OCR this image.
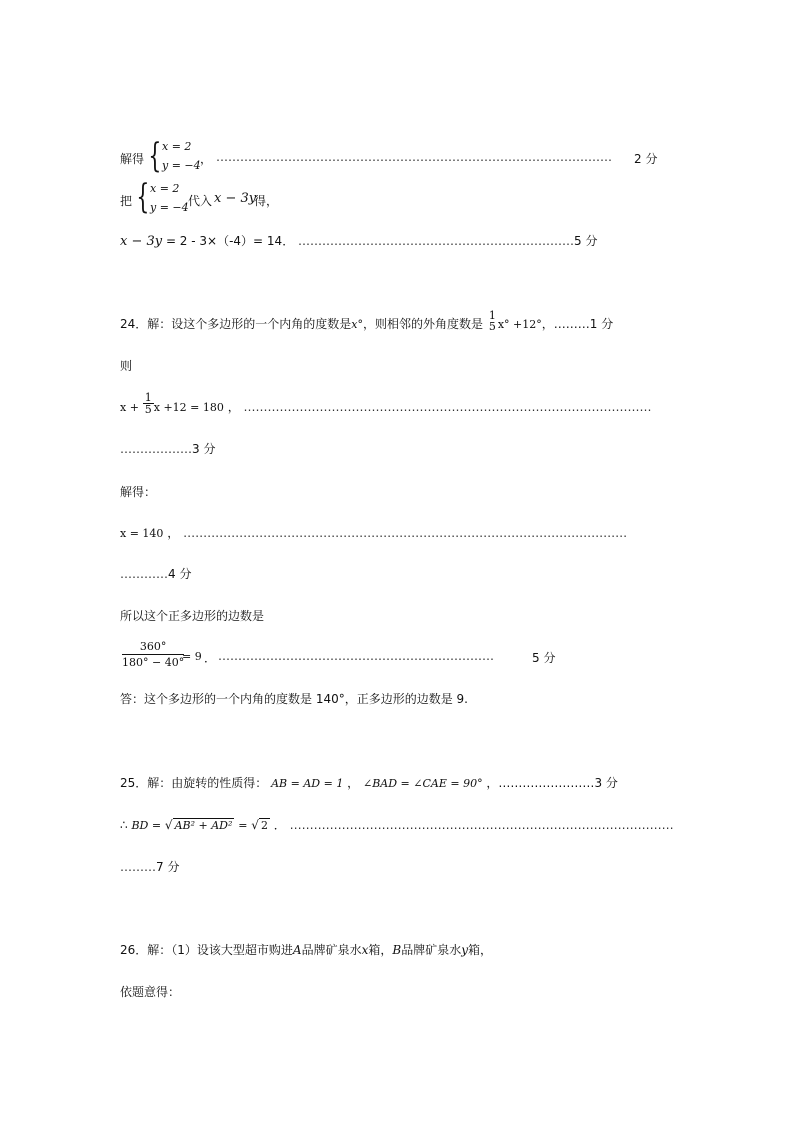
解得 { x = 2
y = −4 ， ……………………………………………………………………………………… 2 分
把 { x = 2
y = −4 代入 x − 3y
得，
x − 3y = 2 - 3×（-4）= 14． ……………………………………………………………5 分
24．解：设这个多边形的一个内角的度数是x°，则相邻的外角度数是
1
5 x° +12°，………1 分
则
$x + \frac{1}{5}$ x +12 = 180 ， …………………………………………………………………………………………
………………3 分
解得：
x = 140 ， …………………………………………………………………………………………………
…………4 分
所以这个正多边形的边数是
$\frac{360^\circ}{180^\circ - 40^\circ}$
= 9 ． ……………………………………………………………	5 分
答：这个多边形的一个内角的度数是 140°，正多边形的边数是 9.
25．解：由旋转的性质得： AB = AD = 1 ， ∠BAD = ∠CAE = 90° ，……………………3 分
∴ BD = √ AB² + AD² = √ 2 ． ……………………………………………………………………………………
………7 分
26．解：（1）设该大型超市购进A品牌矿泉水x箱，B品牌矿泉水y箱，
依题意得：
